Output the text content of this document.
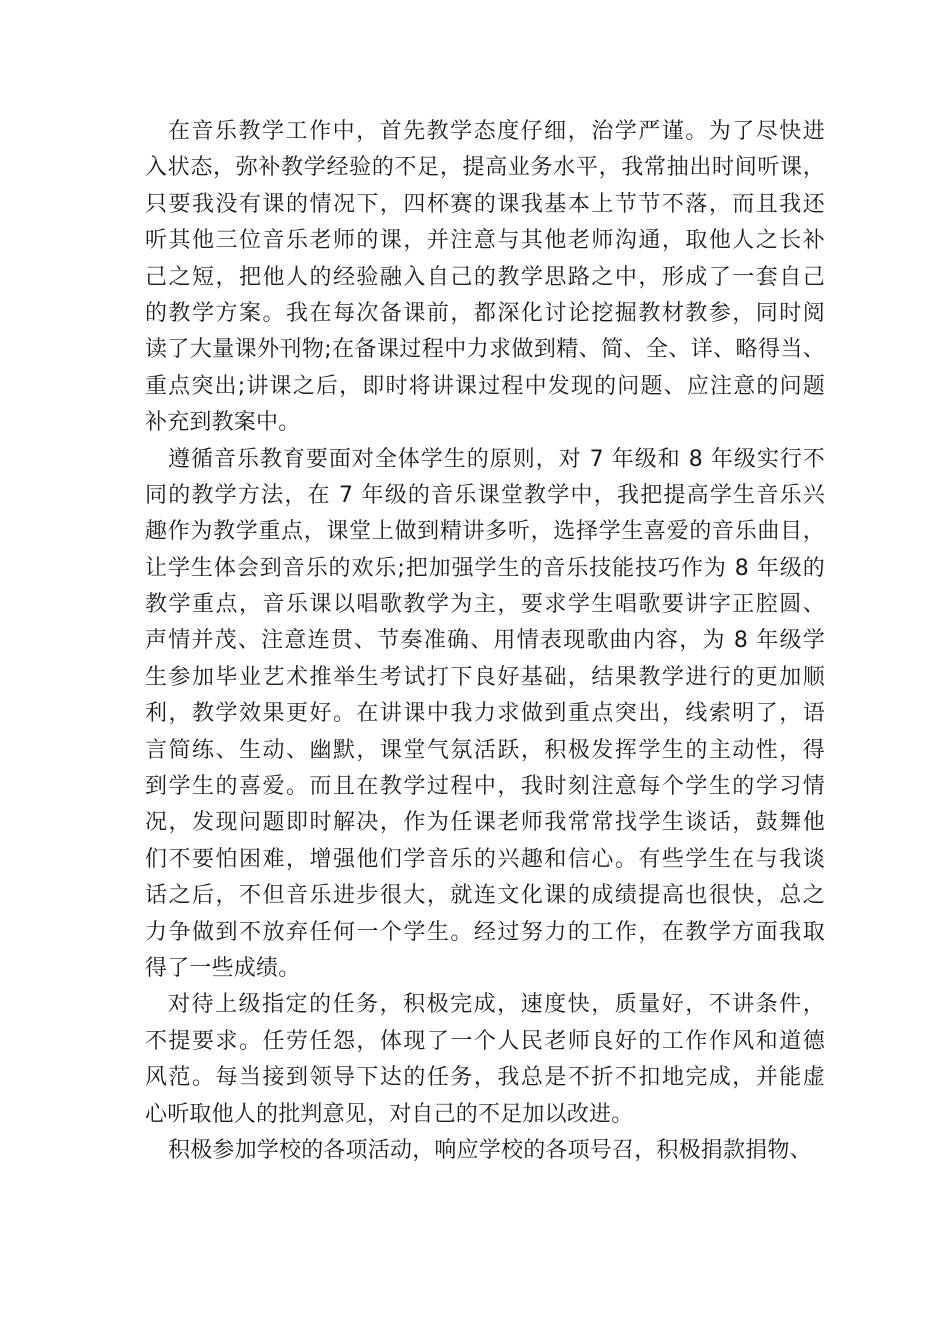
在音乐教学工作中，首先教学态度仔细，治学严谨。为了尽快进
入状态，弥补教学经验的不足，提高业务水平，我常抽出时间听课，
只要我没有课的情况下，四杯赛的课我基本上节节不落，而且我还
听其他三位音乐老师的课，并注意与其他老师沟通，取他人之长补
己之短，把他人的经验融入自己的教学思路之中，形成了一套自己
的教学方案。我在每次备课前，都深化讨论挖掘教材教参，同时阅
读了大量课外刊物;在备课过程中力求做到精、简、全、详、略得当、
重点突出;讲课之后，即时将讲课过程中发现的问题、应注意的问题
补充到教案中。
遵循音乐教育要面对全体学生的原则，对 7 年级和 8 年级实行不
同的教学方法，在 7 年级的音乐课堂教学中，我把提高学生音乐兴
趣作为教学重点，课堂上做到精讲多听，选择学生喜爱的音乐曲目，
让学生体会到音乐的欢乐;把加强学生的音乐技能技巧作为 8 年级的
教学重点，音乐课以唱歌教学为主，要求学生唱歌要讲字正腔圆、
声情并茂、注意连贯、节奏准确、用情表现歌曲内容，为 8 年级学
生参加毕业艺术推举生考试打下良好基础，结果教学进行的更加顺
利，教学效果更好。在讲课中我力求做到重点突出，线索明了，语
言简练、生动、幽默，课堂气氛活跃，积极发挥学生的主动性，得
到学生的喜爱。而且在教学过程中，我时刻注意每个学生的学习情
况，发现问题即时解决，作为任课老师我常常找学生谈话，鼓舞他
们不要怕困难，增强他们学音乐的兴趣和信心。有些学生在与我谈
话之后，不但音乐进步很大，就连文化课的成绩提高也很快，总之
力争做到不放弃任何一个学生。经过努力的工作，在教学方面我取
得了一些成绩。
对待上级指定的任务，积极完成，速度快，质量好，不讲条件，
不提要求。任劳任怨，体现了一个人民老师良好的工作作风和道德
风范。每当接到领导下达的任务，我总是不折不扣地完成，并能虚
心听取他人的批判意见，对自己的不足加以改进。
积极参加学校的各项活动，响应学校的各项号召，积极捐款捐物、
